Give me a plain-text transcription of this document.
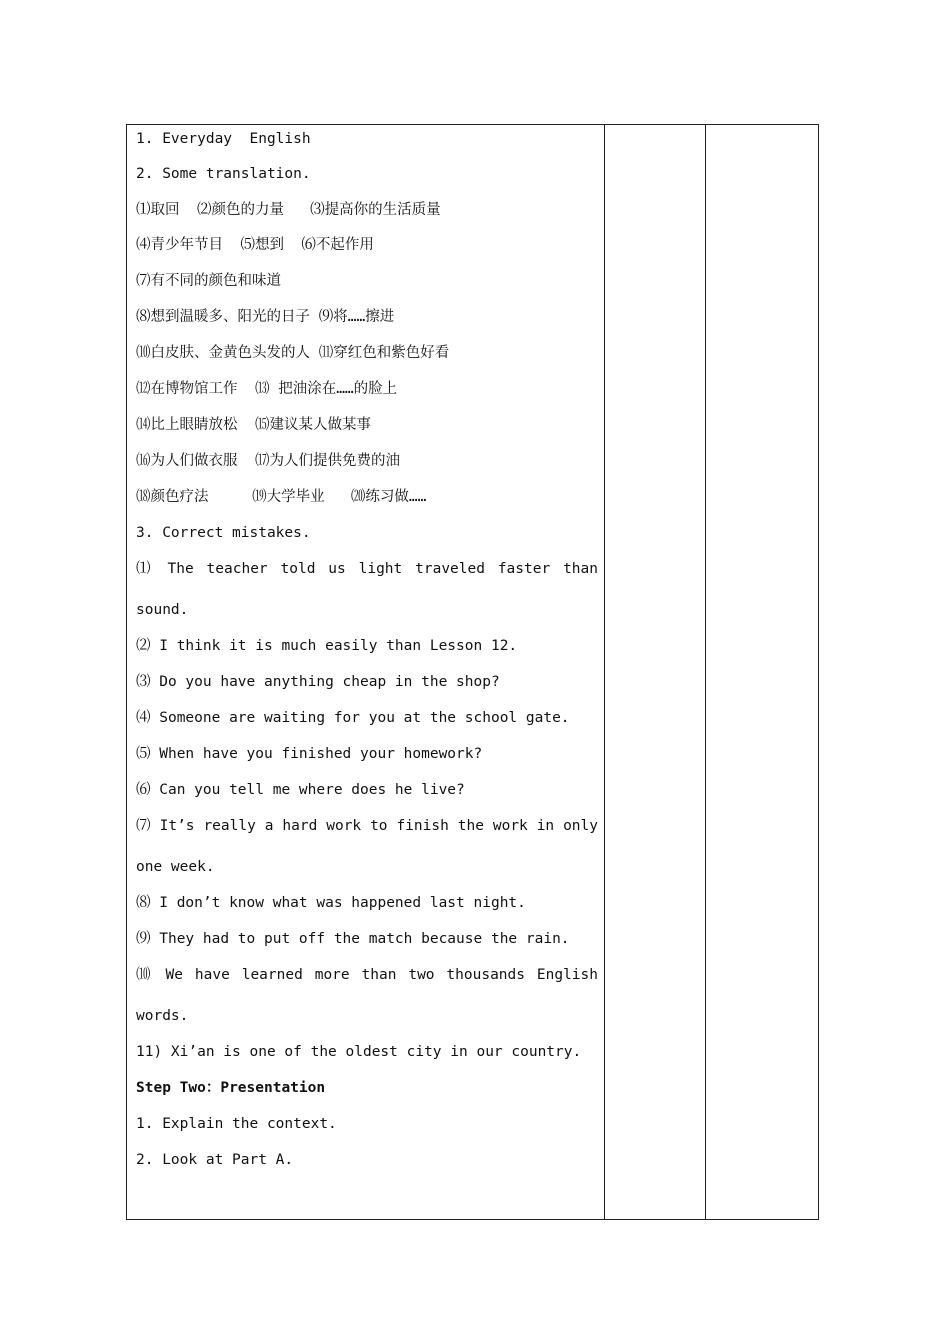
1. Everyday  English
2. Some translation.
⑴取回  ⑵颜色的力量   ⑶提高你的生活质量
⑷青少年节目  ⑸想到  ⑹不起作用
⑺有不同的颜色和味道
⑻想到温暖多、阳光的日子 ⑼将……擦进
⑽白皮肤、金黄色头发的人 ⑾穿红色和紫色好看
⑿在博物馆工作  ⒀ 把油涂在……的脸上
⒁比上眼睛放松  ⒂建议某人做某事
⒃为人们做衣服  ⒄为人们提供免费的油
⒅颜色疗法     ⒆大学毕业   ⒇练习做……
3. Correct mistakes.
⑴ The teacher told us light traveled faster than
sound.
⑵ I think it is much easily than Lesson 12.
⑶ Do you have anything cheap in the shop?
⑷ Someone are waiting for you at the school gate.
⑸ When have you finished your homework?
⑹ Can you tell me where does he live?
⑺ It’s really a hard work to finish the work in only
one week.
⑻ I don’t know what was happened last night.
⑼ They had to put off the match because the rain.
⑽ We have learned more than two thousands English
words.
11) Xi’an is one of the oldest city in our country.
Step Two：Presentation
1. Explain the context.
2. Look at Part A.
